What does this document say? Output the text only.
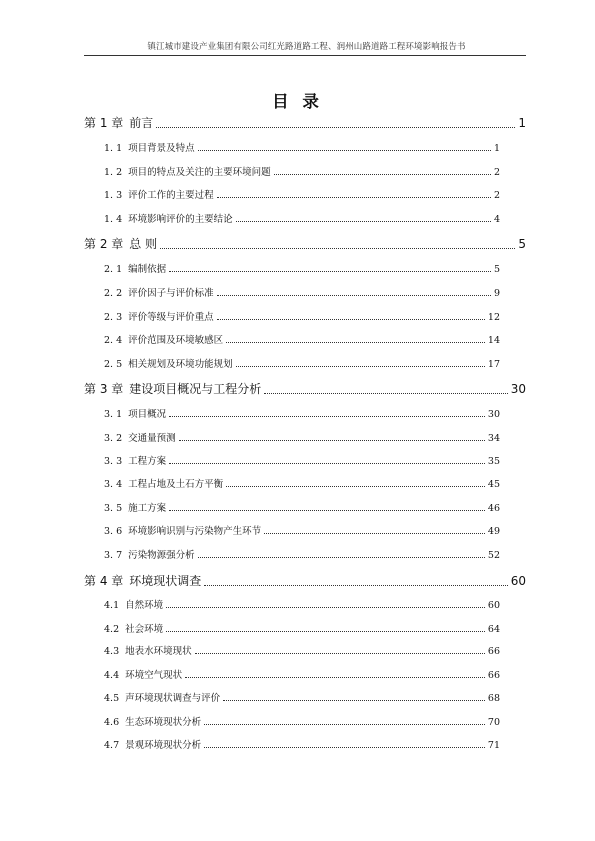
镇江城市建设产业集团有限公司红光路道路工程、润州山路道路工程环境影响报告书
目 录
第 1 章 前言	1
1. 1 项目背景及特点	1
1. 2 项目的特点及关注的主要环境问题	2
1. 3 评价工作的主要过程	2
1. 4 环境影响评价的主要结论	4
第 2 章 总 则	5
2. 1 编制依据	5
2. 2 评价因子与评价标准	9
2. 3 评价等级与评价重点	12
2. 4 评价范围及环境敏感区	14
2. 5 相关规划及环境功能规划	17
第 3 章 建设项目概况与工程分析	30
3. 1 项目概况	30
3. 2 交通量预测	34
3. 3 工程方案	35
3. 4 工程占地及土石方平衡	45
3. 5 施工方案	46
3. 6 环境影响识别与污染物产生环节	49
3. 7 污染物源强分析	52
第 4 章 环境现状调查	60
4.1 自然环境	60
4.2 社会环境	64
4.3 地表水环境现状	66
4.4 环境空气现状	66
4.5 声环境现状调查与评价	68
4.6 生态环境现状分析	70
4.7 景观环境现状分析	71
